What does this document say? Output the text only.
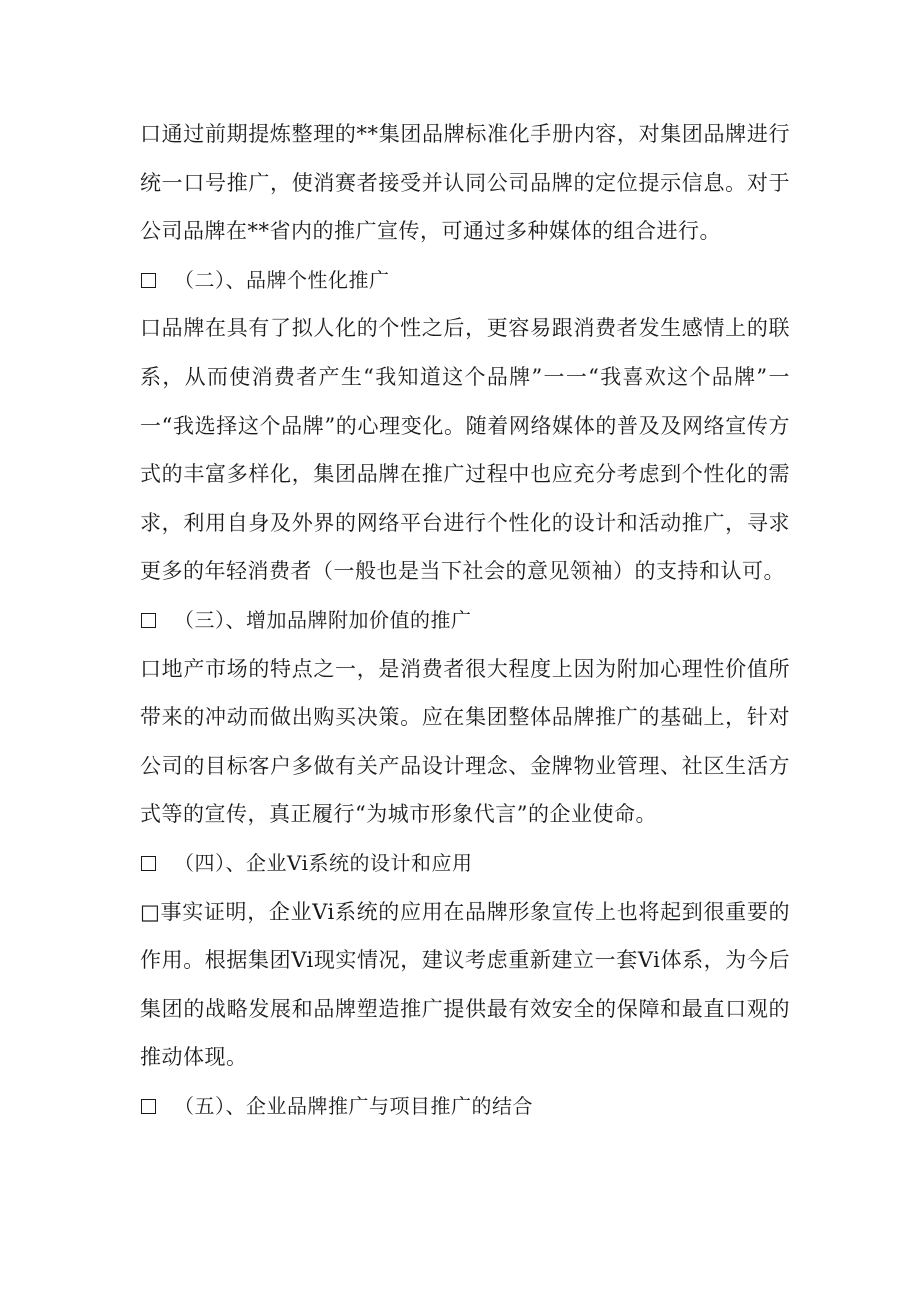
口通过前期提炼整理的**集团品牌标准化手册内容，对集团品牌进行统一口号推广，使消赛者接受并认同公司品牌的定位提示信息。对于公司品牌在**省内的推广宣传，可通过多种媒体的组合进行。

（二）、品牌个性化推广

口品牌在具有了拟人化的个性之后，更容易跟消费者发生感情上的联系，从而使消费者产生“我知道这个品牌”一一“我喜欢这个品牌”一一“我选择这个品牌”的心理变化。随着网络媒体的普及及网络宣传方式的丰富多样化，集团品牌在推广过程中也应充分考虑到个性化的需求，利用自身及外界的网络平台进行个性化的设计和活动推广，寻求更多的年轻消费者（一般也是当下社会的意见领袖）的支持和认可。

（三）、增加品牌附加价值的推广

口地产市场的特点之一，是消费者很大程度上因为附加心理性价值所带来的冲动而做出购买决策。应在集团整体品牌推广的基础上，针对公司的目标客户多做有关产品设计理念、金牌物业管理、社区生活方式等的宣传，真正履行“为城市形象代言”的企业使命。

（四）、企业Vi系统的设计和应用

□事实证明，企业Vi系统的应用在品牌形象宣传上也将起到很重要的作用。根据集团Vi现实情况，建议考虑重新建立一套Vi体系，为今后集团的战略发展和品牌塑造推广提供最有效安全的保障和最直口观的推动体现。

（五）、企业品牌推广与项目推广的结合
